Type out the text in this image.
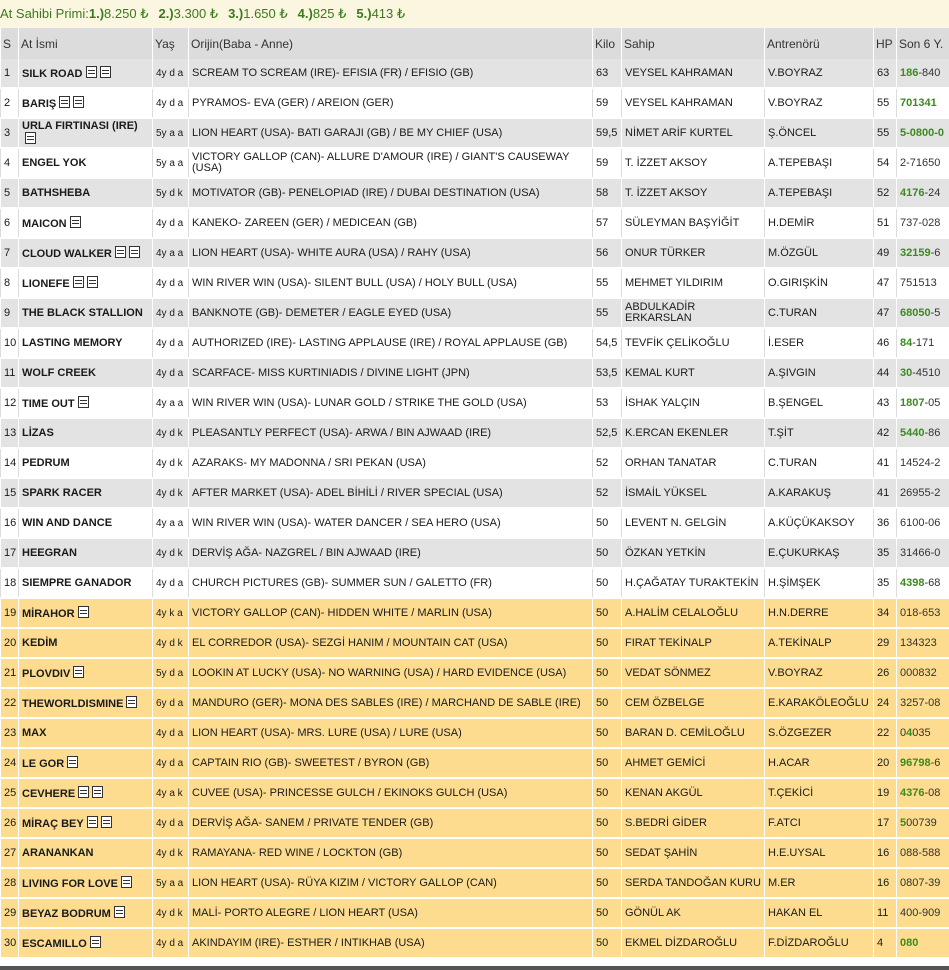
At Sahibi Primi:1.)8.250 ₺ 2.)3.300 ₺ 3.)1.650 ₺ 4.)825 ₺ 5.)413 ₺
S	At İsmi	Yaş	Orijin(Baba - Anne)	Kilo	Sahip	Antrenörü	HP	Son 6 Y.
1	SILK ROAD	4y d a	SCREAM TO SCREAM (IRE)- EFISIA (FR) / EFISIO (GB)	63	VEYSEL KAHRAMAN	V.BOYRAZ	63	186-840
2	BARIŞ	4y d a	PYRAMOS- EVA (GER) / AREION (GER)	59	VEYSEL KAHRAMAN	V.BOYRAZ	55	701341
3	URLA FIRTINASI (IRE)	5y a a	LION HEART (USA)- BATI GARAJI (GB) / BE MY CHIEF (USA)	59,5	NİMET ARİF KURTEL	Ş.ÖNCEL	55	5-0800-0
4	ENGEL YOK	5y a a	VICTORY GALLOP (CAN)- ALLURE D'AMOUR (IRE) / GIANT'S CAUSEWAY (USA)	59	T. İZZET AKSOY	A.TEPEBAŞI	54	2-71650
5	BATHSHEBA	5y d k	MOTIVATOR (GB)- PENELOPIAD (IRE) / DUBAI DESTINATION (USA)	58	T. İZZET AKSOY	A.TEPEBAŞI	52	4176-24
6	MAICON	4y d a	KANEKO- ZAREEN (GER) / MEDICEAN (GB)	57	SÜLEYMAN BAŞYİĞİT	H.DEMİR	51	737-028
7	CLOUD WALKER	4y a a	LION HEART (USA)- WHITE AURA (USA) / RAHY (USA)	56	ONUR TÜRKER	M.ÖZGÜL	49	32159-6
8	LIONEFE	4y d a	WIN RIVER WIN (USA)- SILENT BULL (USA) / HOLY BULL (USA)	55	MEHMET YILDIRIM	O.GIRIŞKİN	47	751513
9	THE BLACK STALLION	4y d a	BANKNOTE (GB)- DEMETER / EAGLE EYED (USA)	55	ABDULKADİR ERKARSLAN	C.TURAN	47	68050-5
10	LASTING MEMORY	4y d a	AUTHORIZED (IRE)- LASTING APPLAUSE (IRE) / ROYAL APPLAUSE (GB)	54,5	TEVFİK ÇELİKOĞLU	İ.ESER	46	84-171
11	WOLF CREEK	4y d a	SCARFACE- MISS KURTINIADIS / DIVINE LIGHT (JPN)	53,5	KEMAL KURT	A.ŞIVGIN	44	30-4510
12	TIME OUT	4y a a	WIN RIVER WIN (USA)- LUNAR GOLD / STRIKE THE GOLD (USA)	53	İSHAK YALÇIN	B.ŞENGEL	43	1807-05
13	LİZAS	4y d k	PLEASANTLY PERFECT (USA)- ARWA / BIN AJWAAD (IRE)	52,5	K.ERCAN EKENLER	T.ŞİT	42	5440-86
14	PEDRUM	4y d k	AZARAKS- MY MADONNA / SRI PEKAN (USA)	52	ORHAN TANATAR	C.TURAN	41	14524-2
15	SPARK RACER	4y d k	AFTER MARKET (USA)- ADEL BİHİLİ / RIVER SPECIAL (USA)	52	İSMAİL YÜKSEL	A.KARAKUŞ	41	26955-2
16	WIN AND DANCE	4y a a	WIN RIVER WIN (USA)- WATER DANCER / SEA HERO (USA)	50	LEVENT N. GELGİN	A.KÜÇÜKAKSOY	36	6100-06
17	HEEGRAN	4y d k	DERVİŞ AĞA- NAZGREL / BIN AJWAAD (IRE)	50	ÖZKAN YETKİN	E.ÇUKURKAŞ	35	31466-0
18	SIEMPRE GANADOR	4y d a	CHURCH PICTURES (GB)- SUMMER SUN / GALETTO (FR)	50	H.ÇAĞATAY TURAKTEKİN	H.ŞİMŞEK	35	4398-68
19	MİRAHOR	4y k a	VICTORY GALLOP (CAN)- HIDDEN WHITE / MARLIN (USA)	50	A.HALİM CELALOĞLU	H.N.DERRE	34	018-653
20	KEDİM	4y d k	EL CORREDOR (USA)- SEZGİ HANIM / MOUNTAIN CAT (USA)	50	FIRAT TEKİNALP	A.TEKİNALP	29	134323
21	PLOVDIV	5y d a	LOOKIN AT LUCKY (USA)- NO WARNING (USA) / HARD EVIDENCE (USA)	50	VEDAT SÖNMEZ	V.BOYRAZ	26	000832
22	THEWORLDISMINE	6y d a	MANDURO (GER)- MONA DES SABLES (IRE) / MARCHAND DE SABLE (IRE)	50	CEM ÖZBELGE	E.KARAKÖLEOĞLU	24	3257-08
23	MAX	4y d a	LION HEART (USA)- MRS. LURE (USA) / LURE (USA)	50	BARAN D. CEMİLOĞLU	S.ÖZGEZER	22	04035
24	LE GOR	4y d a	CAPTAIN RIO (GB)- SWEETEST / BYRON (GB)	50	AHMET GEMİCİ	H.ACAR	20	96798-6
25	CEVHERE	4y a k	CUVEE (USA)- PRINCESSE GULCH / EKINOKS GULCH (USA)	50	KENAN AKGÜL	T.ÇEKİCİ	19	4376-08
26	MİRAÇ BEY	4y d a	DERVİŞ AĞA- SANEM / PRIVATE TENDER (GB)	50	S.BEDRİ GİDER	F.ATCI	17	500739
27	ARANANKAN	4y d k	RAMAYANA- RED WINE / LOCKTON (GB)	50	SEDAT ŞAHİN	H.E.UYSAL	16	088-588
28	LIVING FOR LOVE	5y a a	LION HEART (USA)- RÜYA KIZIM / VICTORY GALLOP (CAN)	50	SERDA TANDOĞAN KURU	M.ER	16	0807-39
29	BEYAZ BODRUM	4y d k	MALİ- PORTO ALEGRE / LION HEART (USA)	50	GÖNÜL AK	HAKAN EL	11	400-909
30	ESCAMILLO	4y d a	AKINDAYIM (IRE)- ESTHER / INTIKHAB (USA)	50	EKMEL DİZDAROĞLU	F.DİZDAROĞLU	4	080
